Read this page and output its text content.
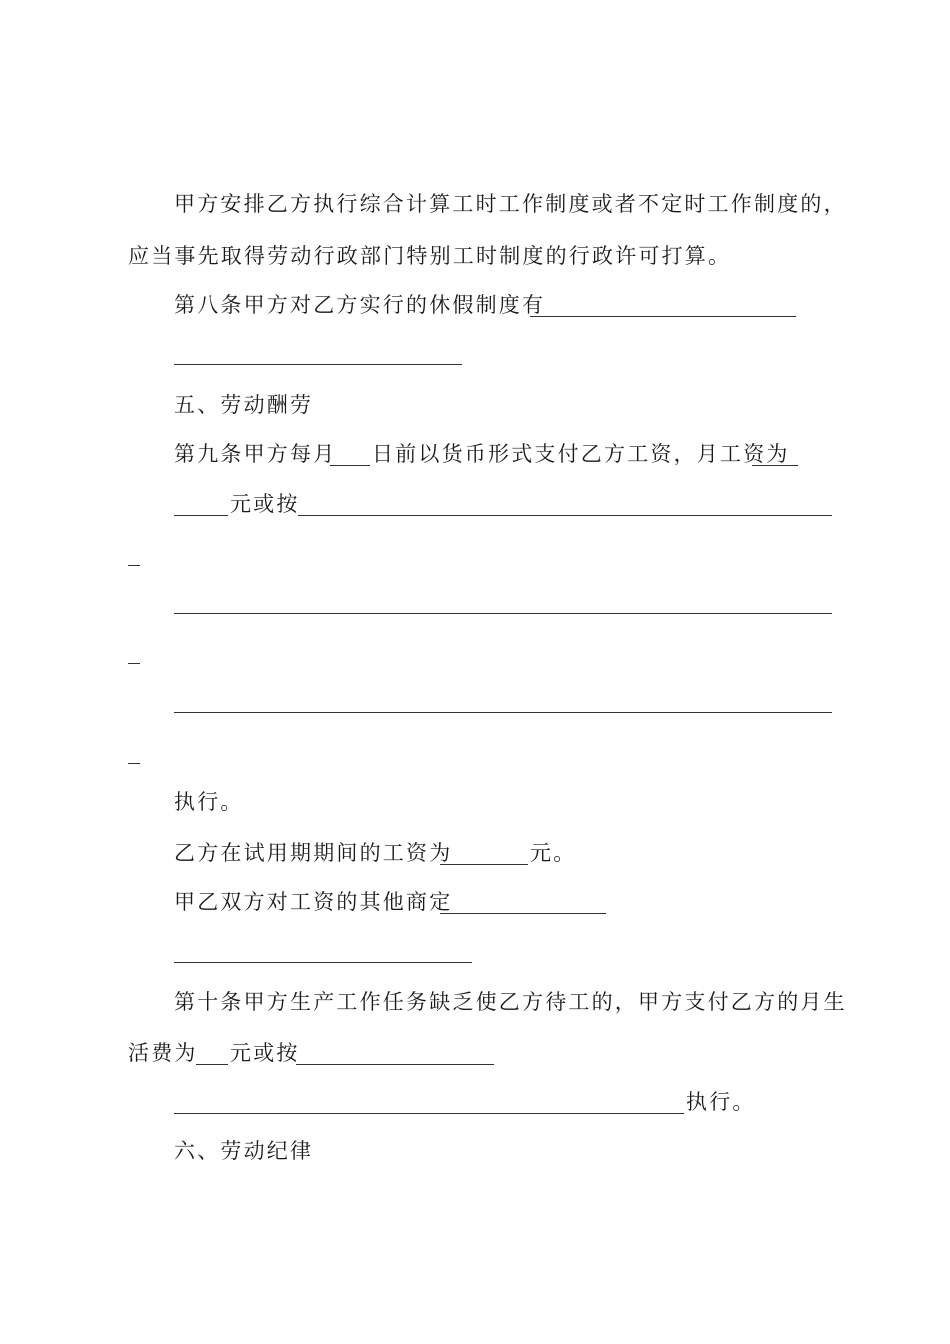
甲方安排乙方执行综合计算工时工作制度或者不定时工作制度的，
应当事先取得劳动行政部门特别工时制度的行政许可打算。
第八条甲方对乙方实行的休假制度有
五、劳动酬劳
第九条甲方每月 日前以货币形式支付乙方工资，月工资为
元或按
执行。
乙方在试用期期间的工资为	元。
甲乙双方对工资的其他商定
第十条甲方生产工作任务缺乏使乙方待工的，甲方支付乙方的月生
活费为 元或按
执行。
六、劳动纪律
